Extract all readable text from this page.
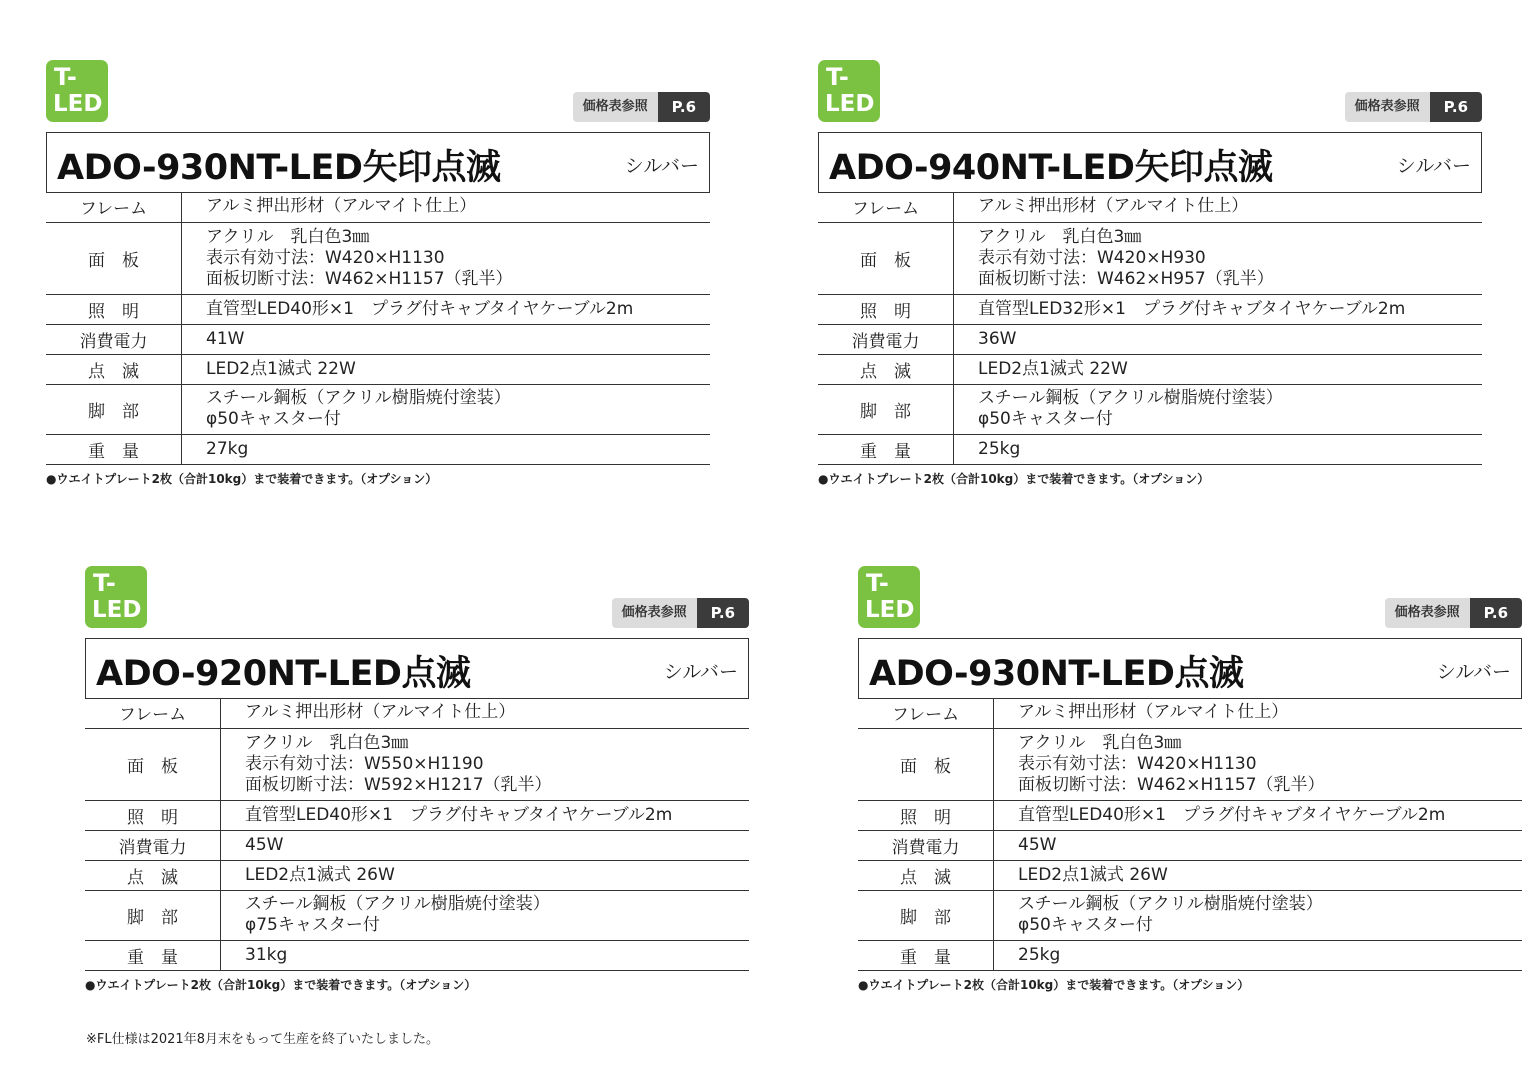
T-
LED	価格表参照	P.6
ADO-930NT-LED矢印点滅	シルバー
フレーム	アルミ押出形材（アルマイト仕上）

面　板	アクリル　乳白色3㎜
表示有効寸法：W420×H1130
面板切断寸法：W462×H1157（乳半）

照　明	直管型LED40形×1　プラグ付キャブタイヤケーブル2m

消費電力	41W

点　滅	LED2点1滅式 22W

脚　部	スチール鋼板（アクリル樹脂焼付塗装）
φ50キャスター付

重　量	27kg
●ウエイトプレート2枚（合計10kg）まで装着できます。（オプション）
T-
LED	価格表参照	P.6
ADO-940NT-LED矢印点滅	シルバー
フレーム	アルミ押出形材（アルマイト仕上）

面　板	アクリル　乳白色3㎜
表示有効寸法：W420×H930
面板切断寸法：W462×H957（乳半）

照　明	直管型LED32形×1　プラグ付キャブタイヤケーブル2m

消費電力	36W

点　滅	LED2点1滅式 22W

脚　部	スチール鋼板（アクリル樹脂焼付塗装）
φ50キャスター付

重　量	25kg
●ウエイトプレート2枚（合計10kg）まで装着できます。（オプション）
T-
LED	価格表参照	P.6
ADO-920NT-LED点滅	シルバー
フレーム	アルミ押出形材（アルマイト仕上）

面　板	アクリル　乳白色3㎜
表示有効寸法：W550×H1190
面板切断寸法：W592×H1217（乳半）

照　明	直管型LED40形×1　プラグ付キャブタイヤケーブル2m

消費電力	45W

点　滅	LED2点1滅式 26W

脚　部	スチール鋼板（アクリル樹脂焼付塗装）
φ75キャスター付

重　量	31kg
●ウエイトプレート2枚（合計10kg）まで装着できます。（オプション）
T-
LED	価格表参照	P.6
ADO-930NT-LED点滅	シルバー
フレーム	アルミ押出形材（アルマイト仕上）

面　板	アクリル　乳白色3㎜
表示有効寸法：W420×H1130
面板切断寸法：W462×H1157（乳半）

照　明	直管型LED40形×1　プラグ付キャブタイヤケーブル2m

消費電力	45W

点　滅	LED2点1滅式 26W

脚　部	スチール鋼板（アクリル樹脂焼付塗装）
φ50キャスター付

重　量	25kg
●ウエイトプレート2枚（合計10kg）まで装着できます。（オプション）
※FL仕様は2021年8月末をもって生産を終了いたしました。
